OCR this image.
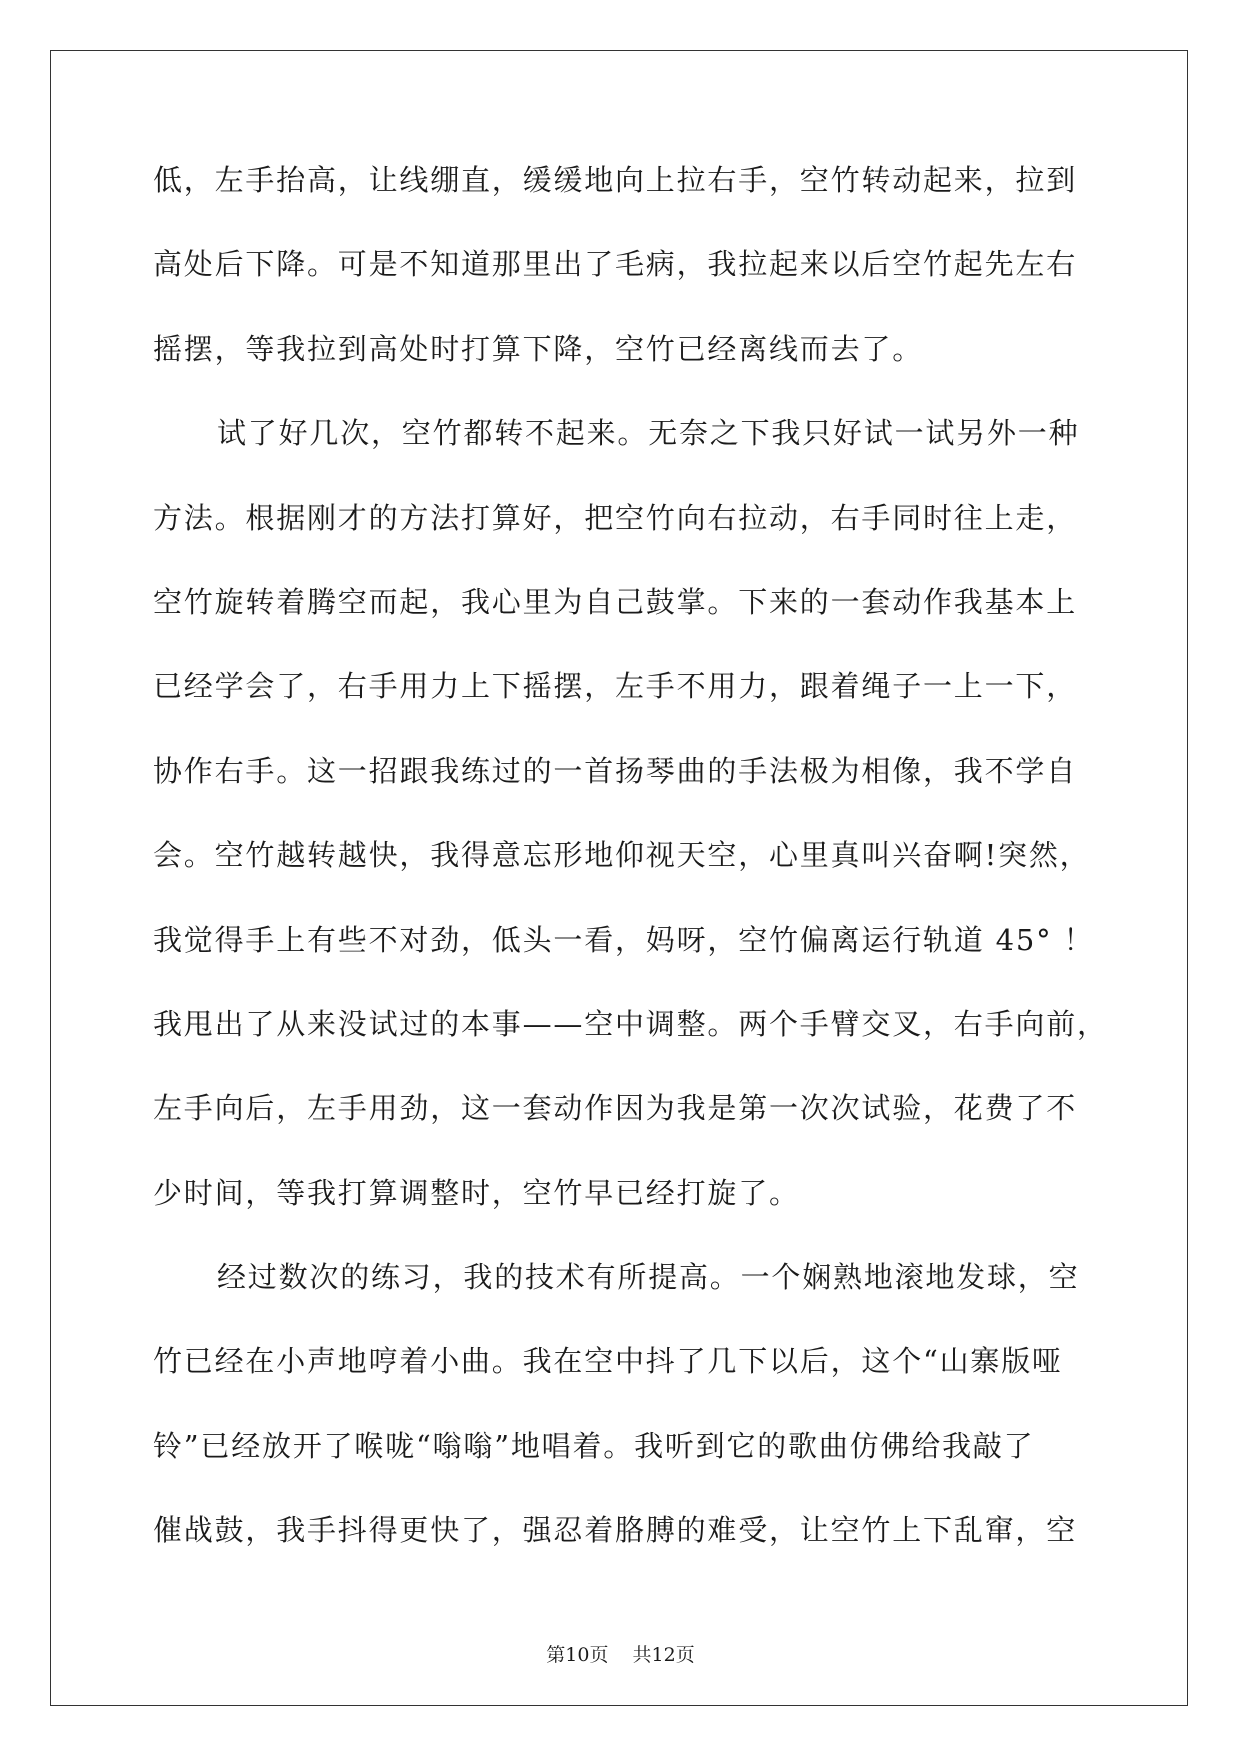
低，左手抬高，让线绷直，缓缓地向上拉右手，空竹转动起来，拉到
高处后下降。可是不知道那里出了毛病，我拉起来以后空竹起先左右
摇摆，等我拉到高处时打算下降，空竹已经离线而去了。
试了好几次，空竹都转不起来。无奈之下我只好试一试另外一种
方法。根据刚才的方法打算好，把空竹向右拉动，右手同时往上走，
空竹旋转着腾空而起，我心里为自己鼓掌。下来的一套动作我基本上
已经学会了，右手用力上下摇摆，左手不用力，跟着绳子一上一下，
协作右手。这一招跟我练过的一首扬琴曲的手法极为相像，我不学自
会。空竹越转越快，我得意忘形地仰视天空，心里真叫兴奋啊!突然，
我觉得手上有些不对劲，低头一看，妈呀，空竹偏离运行轨道 45° ！
我甩出了从来没试过的本事——空中调整。两个手臂交叉，右手向前，
左手向后，左手用劲，这一套动作因为我是第一次次试验，花费了不
少时间，等我打算调整时，空竹早已经打旋了。
经过数次的练习，我的技术有所提高。一个娴熟地滚地发球，空
竹已经在小声地哼着小曲。我在空中抖了几下以后，这个“山寨版哑
铃”已经放开了喉咙“嗡嗡”地唱着。我听到它的歌曲仿佛给我敲了
催战鼓，我手抖得更快了，强忍着胳膊的难受，让空竹上下乱窜，空
第10页 共12页
